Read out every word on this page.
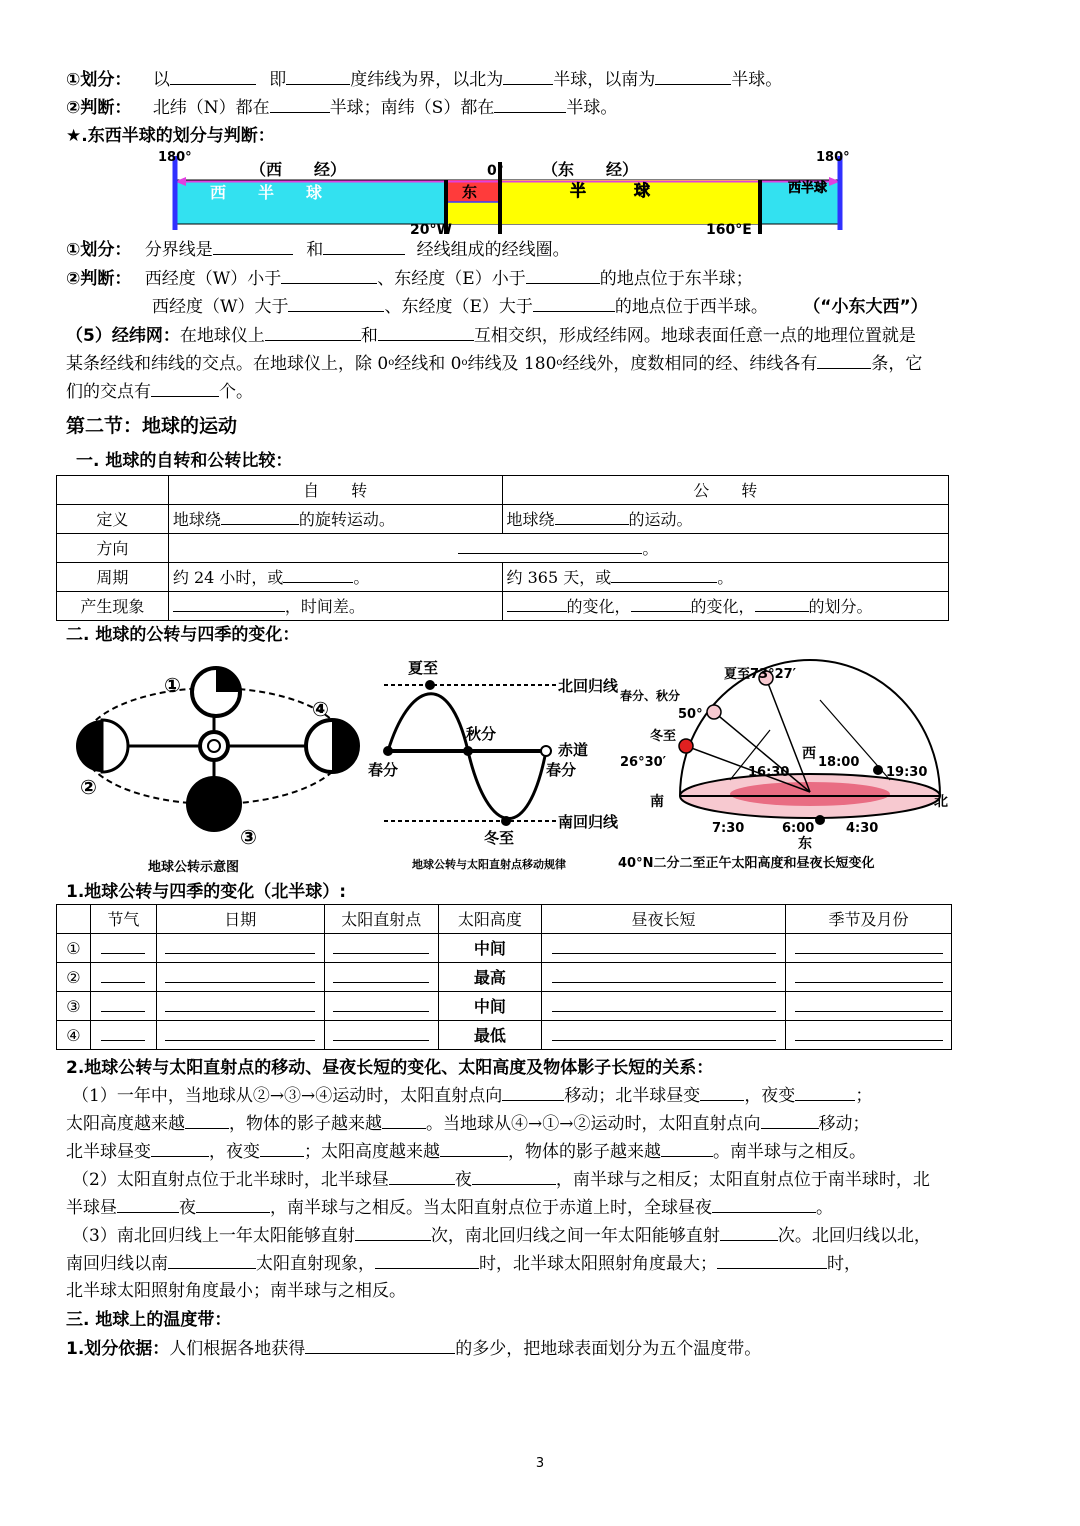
①划分： 以	即	度纬线为界，以北为	半球，以南为	半球。
②判断： 北纬（N）都在	半球；南纬（S）都在	半球。
★.东西半球的划分与判断：
180°	180°
（西　　经）	0° （东　　经）
西　　半　　球	东	半　　　球	西半球
20°W	160°E
①划分： 分界线是	和	经线组成的经线圈。
②判断： 西经度（W）小于	、东经度（E）小于	的地点位于东半球；
西经度（W）大于	、东经度（E）大于	的地点位于西半球。 （“小东大西”）
（5）经纬网：在地球仪上	和	互相交织，形成经纬网。地球表面任意一点的地理位置就是
某条经线和纬线的交点。在地球仪上，除 0$^o$经线和 0$^o$纬线及 180$^o$经线外，度数相同的经、纬线各有	条，它
们的交点有	个。
第二节：地球的运动
一. 地球的自转和公转比较：
	自　　转	公　　转
定义	地球绕 的旋转运动。	地球绕 的运动。
方向	。	
周期	约 24 小时，或 。	约 365 天，或 。
产生现象	，时间差。	的变化， 的变化， 的划分。
二. 地球的公转与四季的变化：
①
②
③
④
地球公转示意图
夏至
北回归线
秋分
春分
赤道
春分
冬至
南回归线
地球公转与太阳直射点移动规律
夏至73°27′
春分、秋分
50°
冬至
26°30′
西
16:30
18:00
19:30
南	北
7:30	6:00 4:30
东
40°N二分二至正午太阳高度和昼夜长短变化
1.地球公转与四季的变化（北半球）:
	节气	日期	太阳直射点	太阳高度	昼夜长短	季节及月份
①				中间		
②				最高		
③				中间		
④				最低		
2.地球公转与太阳直射点的移动、昼夜长短的变化、太阳高度及物体影子长短的关系：
（1）一年中，当地球从②→③→④运动时，太阳直射点向	移动；北半球昼变	，夜变	；
太阳高度越来越	，物体的影子越来越	。当地球从④→①→②运动时，太阳直射点向	移动；
北半球昼变	，夜变	；太阳高度越来越	，物体的影子越来越	。南半球与之相反。
（2）太阳直射点位于北半球时，北半球昼	夜	，南半球与之相反；太阳直射点位于南半球时，北
半球昼	夜	，南半球与之相反。当太阳直射点位于赤道上时，全球昼夜	。
（3）南北回归线上一年太阳能够直射	次，南北回归线之间一年太阳能够直射	次。北回归线以北，
南回归线以南	太阳直射现象，	时，北半球太阳照射角度最大；	时，
北半球太阳照射角度最小；南半球与之相反。
三. 地球上的温度带：
1.划分依据：人们根据各地获得	的多少，把地球表面划分为五个温度带。
3
